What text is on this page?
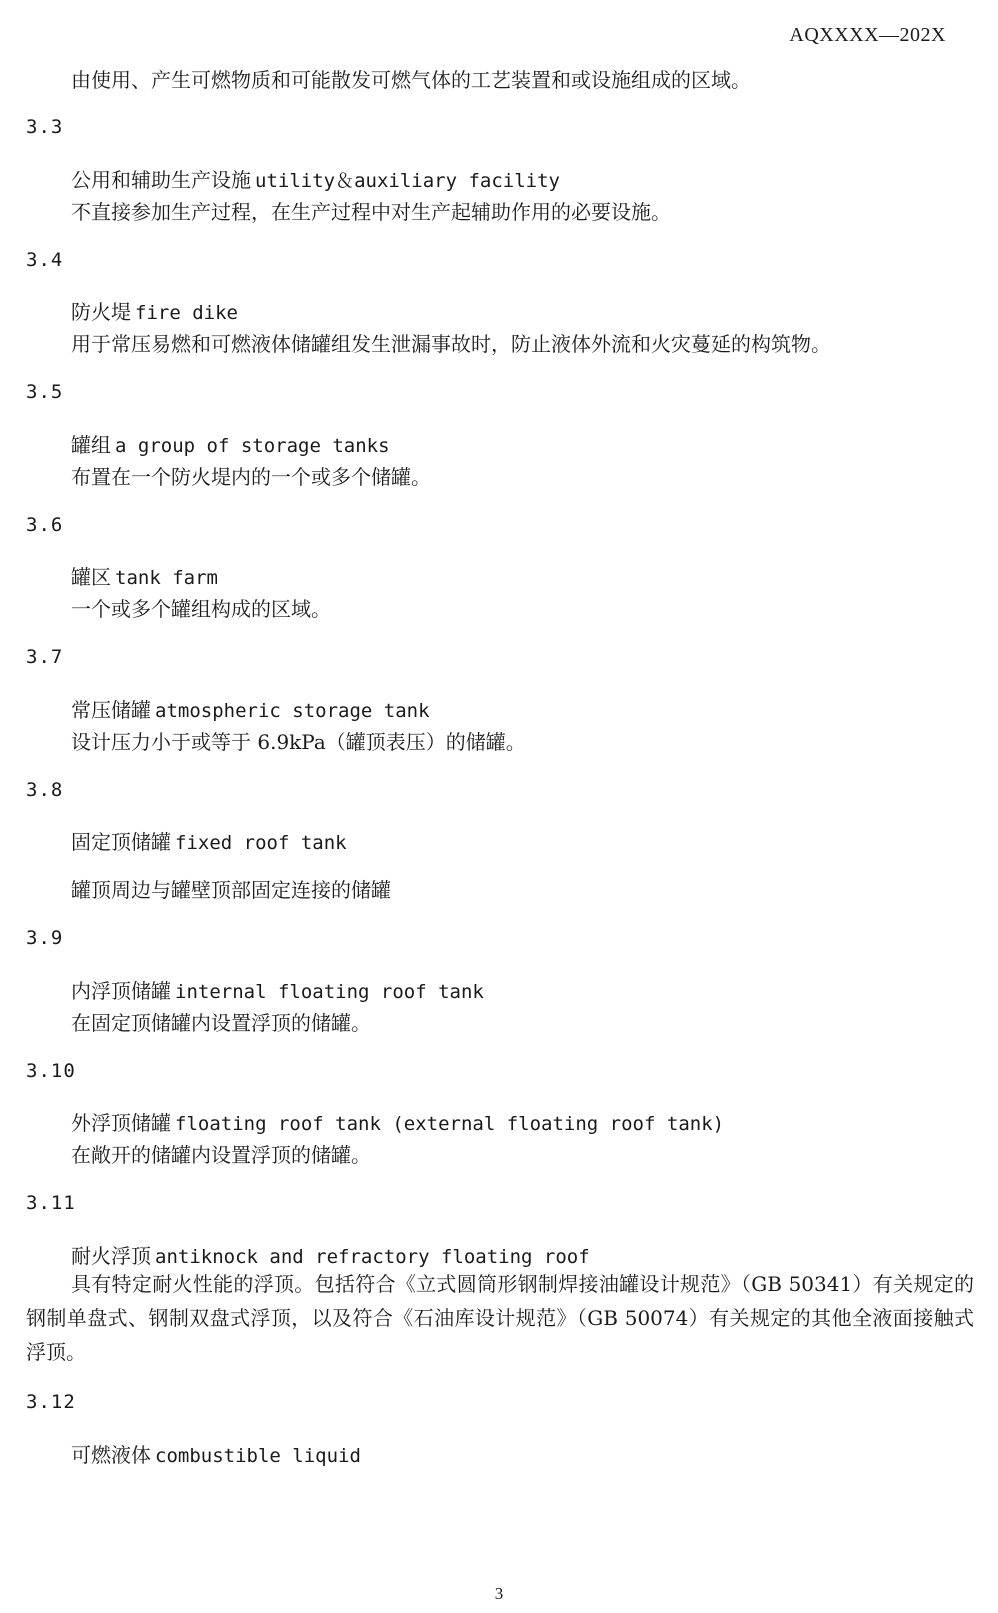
AQXXXX—202X
由使用、产生可燃物质和可能散发可燃气体的工艺装置和或设施组成的区域。
3.3
公用和辅助生产设施 utility＆auxiliary facility
不直接参加生产过程，在生产过程中对生产起辅助作用的必要设施。
3.4
防火堤 fire dike
用于常压易燃和可燃液体储罐组发生泄漏事故时，防止液体外流和火灾蔓延的构筑物。
3.5
罐组 a group of storage tanks
布置在一个防火堤内的一个或多个储罐。
3.6
罐区 tank farm
一个或多个罐组构成的区域。
3.7
常压储罐 atmospheric storage tank
设计压力小于或等于 6.9kPa（罐顶表压）的储罐。
3.8
固定顶储罐 fixed roof tank
罐顶周边与罐壁顶部固定连接的储罐
3.9
内浮顶储罐 internal floating roof tank
在固定顶储罐内设置浮顶的储罐。
3.10
外浮顶储罐 floating roof tank (external floating roof tank)
在敞开的储罐内设置浮顶的储罐。
3.11
耐火浮顶 antiknock and refractory floating roof
具有特定耐火性能的浮顶。包括符合《立式圆筒形钢制焊接油罐设计规范》（GB 50341）有关规定的钢制单盘式、钢制双盘式浮顶，以及符合《石油库设计规范》（GB 50074）有关规定的其他全液面接触式浮顶。
3.12
可燃液体 combustible liquid
3
